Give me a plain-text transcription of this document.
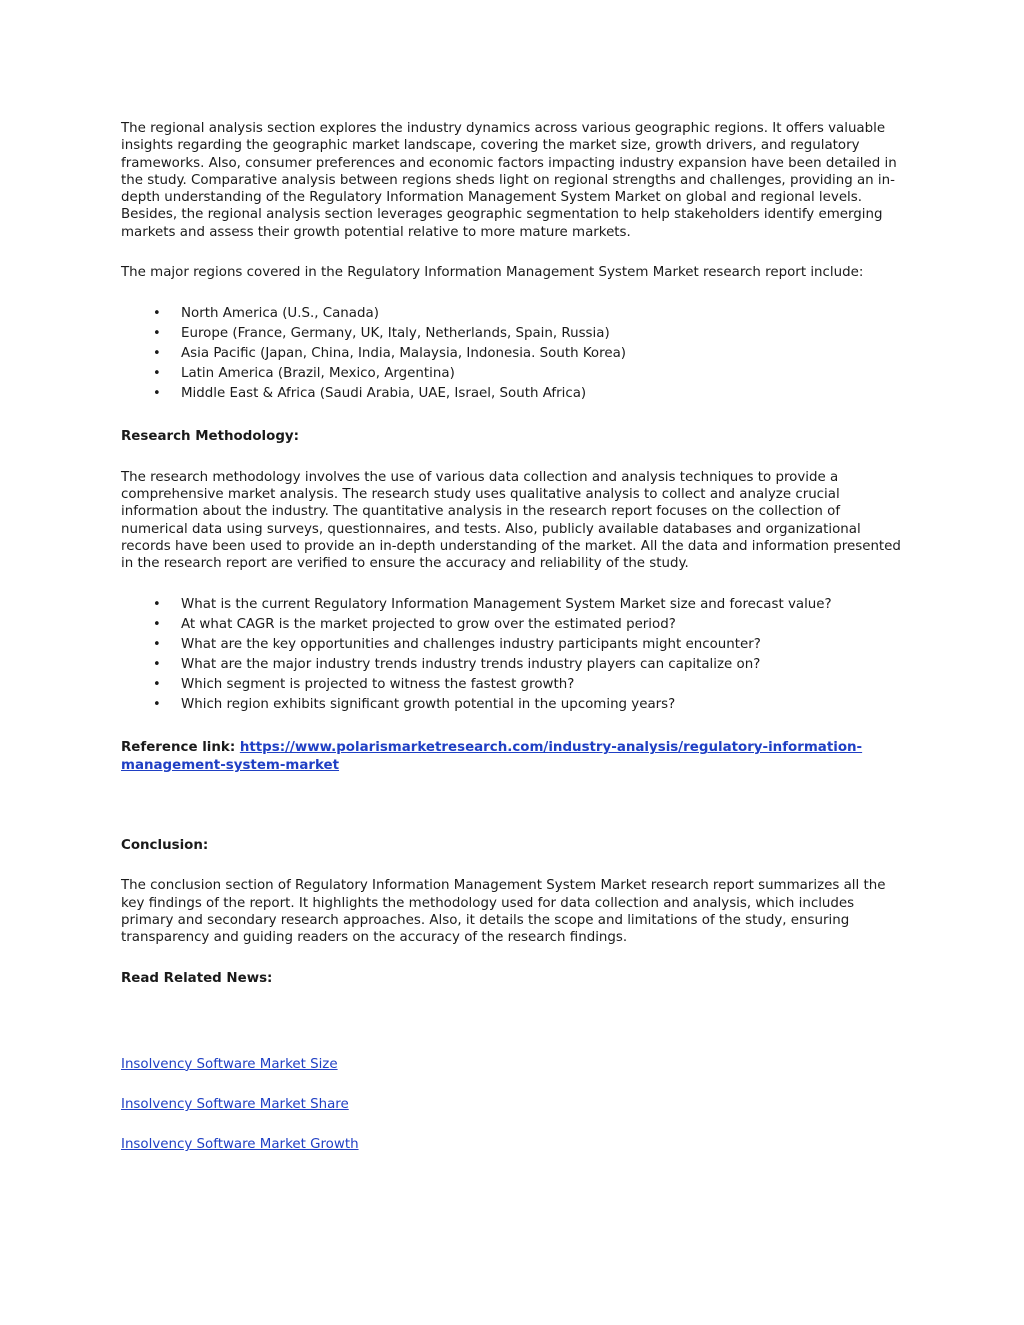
The regional analysis section explores the industry dynamics across various geographic regions. It offers valuable insights regarding the geographic market landscape, covering the market size, growth drivers, and regulatory frameworks. Also, consumer preferences and economic factors impacting industry expansion have been detailed in the study. Comparative analysis between regions sheds light on regional strengths and challenges, providing an in-depth understanding of the Regulatory Information Management System Market on global and regional levels. Besides, the regional analysis section leverages geographic segmentation to help stakeholders identify emerging markets and assess their growth potential relative to more mature markets.

The major regions covered in the Regulatory Information Management System Market research report include:

• North America (U.S., Canada)
• Europe (France, Germany, UK, Italy, Netherlands, Spain, Russia)
• Asia Pacific (Japan, China, India, Malaysia, Indonesia. South Korea)
• Latin America (Brazil, Mexico, Argentina)
• Middle East & Africa (Saudi Arabia, UAE, Israel, South Africa)

Research Methodology:

The research methodology involves the use of various data collection and analysis techniques to provide a comprehensive market analysis. The research study uses qualitative analysis to collect and analyze crucial information about the industry. The quantitative analysis in the research report focuses on the collection of numerical data using surveys, questionnaires, and tests. Also, publicly available databases and organizational records have been used to provide an in-depth understanding of the market. All the data and information presented in the research report are verified to ensure the accuracy and reliability of the study.

• What is the current Regulatory Information Management System Market size and forecast value?
• At what CAGR is the market projected to grow over the estimated period?
• What are the key opportunities and challenges industry participants might encounter?
• What are the major industry trends industry trends industry players can capitalize on?
• Which segment is projected to witness the fastest growth?
• Which region exhibits significant growth potential in the upcoming years?

Reference link: https://www.polarismarketresearch.com/industry-analysis/regulatory-information-management-system-market

Conclusion:

The conclusion section of Regulatory Information Management System Market research report summarizes all the key findings of the report. It highlights the methodology used for data collection and analysis, which includes primary and secondary research approaches. Also, it details the scope and limitations of the study, ensuring transparency and guiding readers on the accuracy of the research findings.

Read Related News:

Insolvency Software Market Size

Insolvency Software Market Share

Insolvency Software Market Growth
